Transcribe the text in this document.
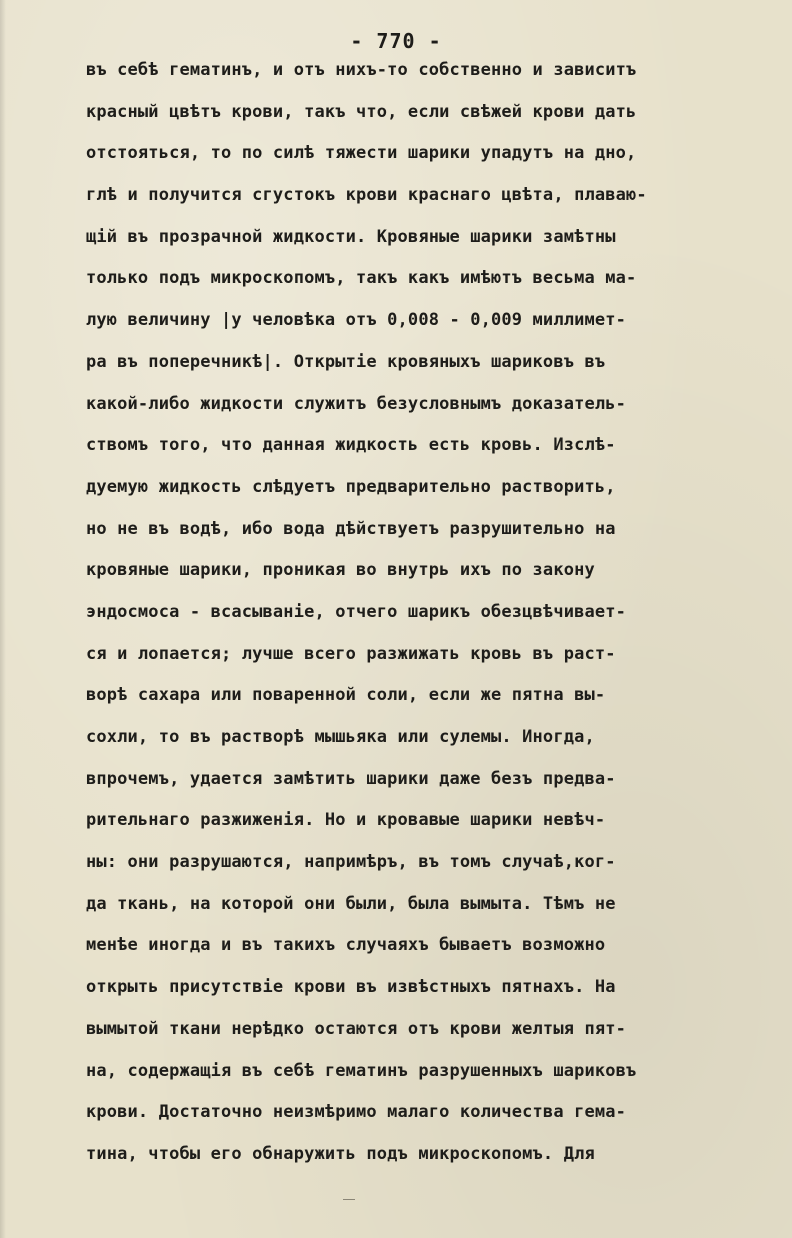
- 770 -
въ себѣ гематинъ, и отъ нихъ-то собственно и зависитъ
красный цвѣтъ крови, такъ что, если свѣжей крови дать
отстояться, то по силѣ тяжести шарики упадутъ на дно,
глѣ и получится сгустокъ крови краснаго цвѣта, плаваю-
щій въ прозрачной жидкости. Кровяные шарики замѣтны
только подъ микроскопомъ, такъ какъ имѣютъ весьма ма-
лую величину |у человѣка отъ 0,008 - 0,009 миллимет-
ра въ поперечникѣ|. Открытіе кровяныхъ шариковъ въ
какой-либо жидкости служитъ безусловнымъ доказатель-
ствомъ того, что данная жидкость есть кровь. Изслѣ-
дуемую жидкость слѣдуетъ предварительно растворить,
но не въ водѣ, ибо вода дѣйствуетъ разрушительно на
кровяные шарики, проникая во внутрь ихъ по закону
эндосмоса - всасываніе, отчего шарикъ обезцвѣчивает-
ся и лопается; лучше всего разжижать кровь въ раст-
ворѣ сахара или поваренной соли, если же пятна вы-
сохли, то въ растворѣ мышьяка или сулемы. Иногда,
впрочемъ, удается замѣтить шарики даже безъ предва-
рительнаго разжиженія. Но и кровавые шарики невѣч-
ны: они разрушаются, напримѣръ, въ томъ случаѣ,ког-
да ткань, на которой они были, была вымыта. Тѣмъ не
менѣе иногда и въ такихъ случаяхъ бываетъ возможно
открыть присутствіе крови въ извѣстныхъ пятнахъ. На
вымытой ткани нерѣдко остаются отъ крови желтыя пят-
на, содержащія въ себѣ гематинъ разрушенныхъ шариковъ
крови. Достаточно неизмѣримо малаго количества гема-
тина, чтобы его обнаружить подъ микроскопомъ. Для
